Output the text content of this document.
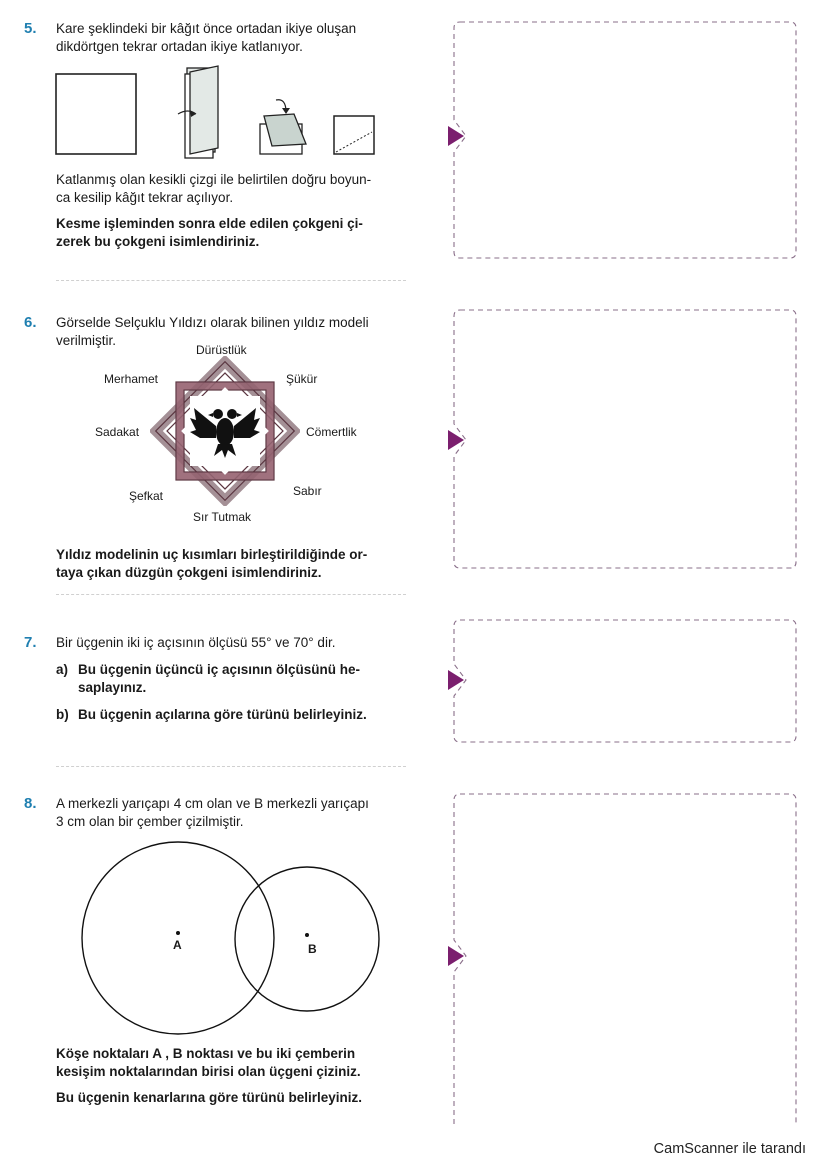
5. Kare şeklindeki bir kâğıt önce ortadan ikiye oluşan
dikdörtgen tekrar ortadan ikiye katlanıyor.
Katlanmış olan kesikli çizgi ile belirtilen doğru boyun-
ca kesilip kâğıt tekrar açılıyor.
Kesme işleminden sonra elde edilen çokgeni çi-
zerek bu çokgeni isimlendiriniz.
6. Görselde Selçuklu Yıldızı olarak bilinen yıldız modeli
verilmiştir.
Dürüstlük
Merhamet	Şükür
Sadakat	Cömertlik
Şefkat	Sabır
Sır Tutmak
Yıldız modelinin uç kısımları birleştirildiğinde or-
taya çıkan düzgün çokgeni isimlendiriniz.
7. Bir üçgenin iki iç açısının ölçüsü 55° ve 70° dir.
a) Bu üçgenin üçüncü iç açısının ölçüsünü he-
saplayınız.
b) Bu üçgenin açılarına göre türünü belirleyiniz.
8. A merkezli yarıçapı 4 cm olan ve B merkezli yarıçapı
3 cm olan bir çember çizilmiştir.
A	B
Köşe noktaları A , B noktası ve bu iki çemberin
kesişim noktalarından birisi olan üçgeni çiziniz.
Bu üçgenin kenarlarına göre türünü belirleyiniz.
CamScanner ile tarandı
